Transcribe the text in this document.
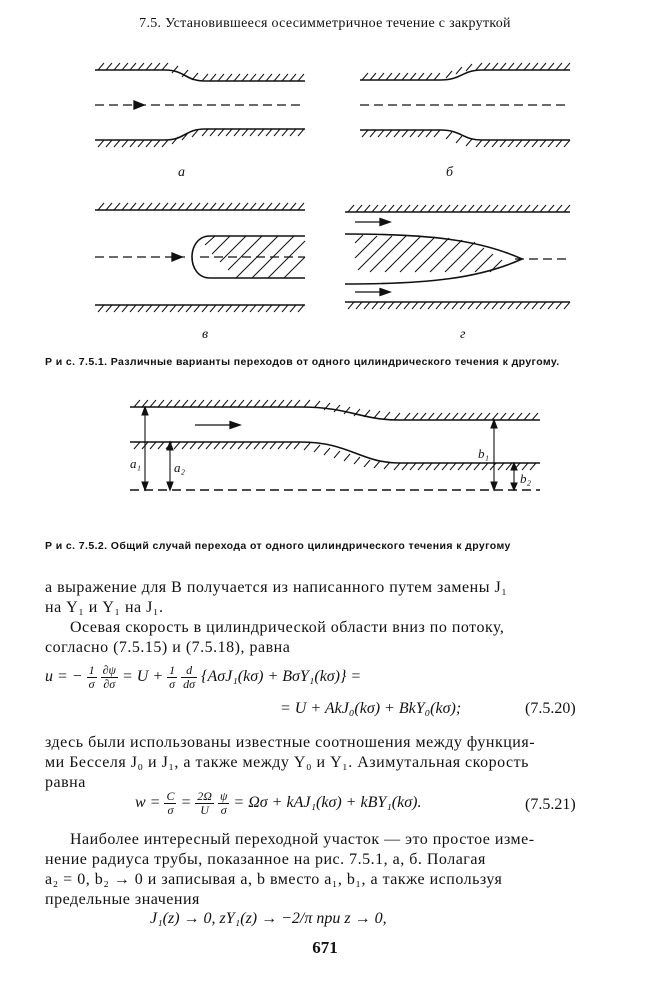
7.5. Установившееся осесимметричное течение с закруткой
а	б
в	г
Р и с. 7.5.1. Различные варианты переходов от одного цилиндрического течения к другому.
a₁	a₂
b₁
b₂
Р и с. 7.5.2. Общий случай перехода от одного цилиндрического течения к другому
а выражение для B получается из написанного путем замены J₁
на Y₁ и Y₁ на J₁.
Осевая скорость в цилиндрической области вниз по потоку,
согласно (7.5.15) и (7.5.18), равна
u = − $\frac{1}{\sigma}$
$\frac{\partial\psi}{\partial\sigma} = U + \frac{1}{\sigma}$
$\frac{d}{d\sigma} \{A\sigma J_1(k\sigma) + B\sigma Y_1(k\sigma)\}$ =
= U + AkJ₀(kσ) + BkY₀(kσ);	(7.5.20)
здесь были использованы известные соотношения между функция-
ми Бесселя J₀ и J₁, а также между Y₀ и Y₁. Азимутальная скорость
равна
$w = \frac{C}{\sigma} = \frac{2\Omega}{U}$
$\frac{\psi}{\sigma} = \Omega\sigma + kAJ_1(k\sigma) + kBY_1(k\sigma)$.	(7.5.21)
Наиболее интересный переходной участок — это простое изме-
нение радиуса трубы, показанное на рис. 7.5.1, а, б. Полагая
a₂ = 0, b₂ → 0 и записывая a, b вместо a₁, b₁, а также используя
предельные значения
J₁(z) → 0, zY₁(z) → −2/π при z → 0,
671
